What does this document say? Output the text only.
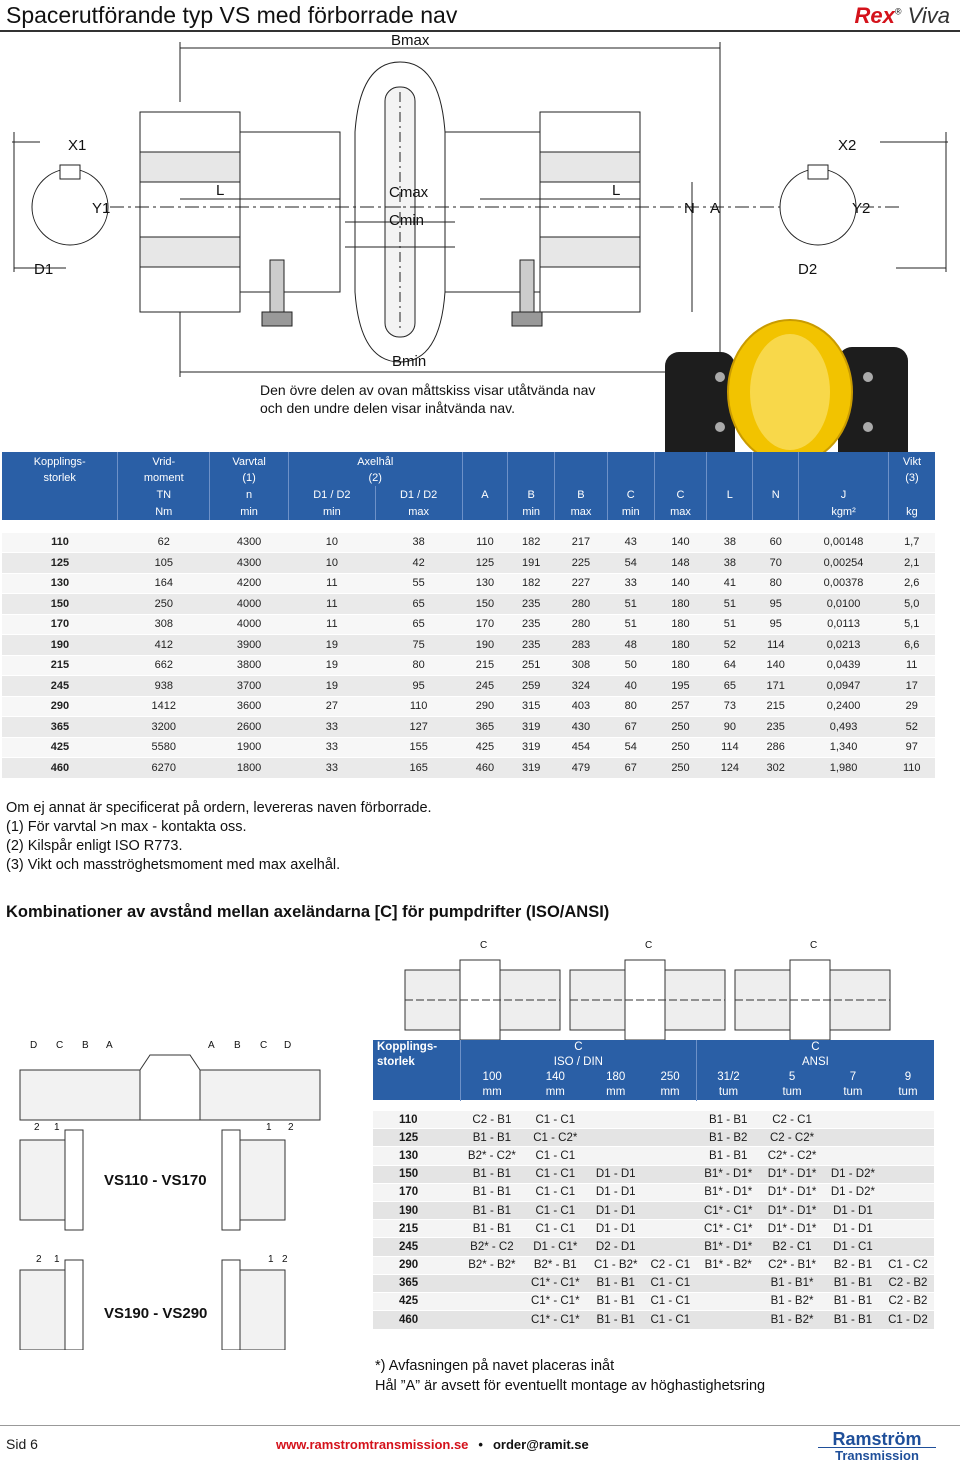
Spacerutförande typ VS med förborrade nav	Rex® Viva
Bmax
Bmin
X1	X2
Y1	Y2
D1	D2
L	L
Cmax
Cmin
N A
Den övre delen av ovan måttskiss visar utåtvända nav
och den undre delen visar inåtvända nav.
Kopplings-	Vrid-	Varvtal	Axelhål										Vikt
storlek	moment	(1)	(2)										(3)
	TN	n	D1 / D2	D1 / D2	A	B	B	C	C	L	N	J	
	Nm	min	min	max		min	max	min	max			kgm²	kg

110	62	4300	10	38	110	182	217	43	140	38	60	0,00148	1,7
125	105	4300	10	42	125	191	225	54	148	38	70	0,00254	2,1
130	164	4200	11	55	130	182	227	33	140	41	80	0,00378	2,6
150	250	4000	11	65	150	235	280	51	180	51	95	0,0100	5,0
170	308	4000	11	65	170	235	280	51	180	51	95	0,0113	5,1
190	412	3900	19	75	190	235	283	48	180	52	114	0,0213	6,6
215	662	3800	19	80	215	251	308	50	180	64	140	0,0439	11
245	938	3700	19	95	245	259	324	40	195	65	171	0,0947	17
290	1412	3600	27	110	290	315	403	80	257	73	215	0,2400	29
365	3200	2600	33	127	365	319	430	67	250	90	235	0,493	52
425	5580	1900	33	155	425	319	454	54	250	114	286	1,340	97
460	6270	1800	33	165	460	319	479	67	250	124	302	1,980	110
Om ej annat är specificerat på ordern, levereras naven förborrade.
(1) För varvtal >n max - kontakta oss.
(2) Kilspår enligt ISO R773.
(3) Vikt och masströghetsmoment med max axelhål.
Kombinationer av avstånd mellan axeländarna [C] för pumpdrifter (ISO/ANSI)
C	C	C
D C B A	A B C D
2 1	1 2
2 1	1 2
VS110 - VS170
VS190 - VS290
Kopplings-	C				C			
storlek	ISO / DIN				ANSI			
	100	140	180	250	31/2	5	7	9
	mm	mm	mm	mm	tum	tum	tum	tum

110	C2 - B1	C1 - C1			B1 - B1	C2 - C1		
125	B1 - B1	C1 - C2*			B1 - B2	C2 - C2*		
130	B2* - C2*	C1 - C1			B1 - B1	C2* - C2*		
150	B1 - B1	C1 - C1	D1 - D1		B1* - D1*	D1* - D1*	D1 - D2*	
170	B1 - B1	C1 - C1	D1 - D1		B1* - D1*	D1* - D1*	D1 - D2*	
190	B1 - B1	C1 - C1	D1 - D1		C1* - C1*	D1* - D1*	D1 - D1	
215	B1 - B1	C1 - C1	D1 - D1		C1* - C1*	D1* - D1*	D1 - D1	
245	B2* - C2	D1 - C1*	D2 - D1		B1* - D1*	B2 - C1	D1 - C1	
290	B2* - B2*	B2* - B1	C1 - B2*	C2 - C1	B1* - B2*	C2* - B1*	B2 - B1	C1 - C2
365		C1* - C1*	B1 - B1	C1 - C1		B1 - B1*	B1 - B1	C2 - B2
425		C1* - C1*	B1 - B1	C1 - C1		B1 - B2*	B1 - B1	C2 - B2
460		C1* - C1*	B1 - B1	C1 - C1		B1 - B2*	B1 - B1	C1 - D2
*) Avfasningen på navet placeras inåt
Hål ”A” är avsett för eventuellt montage av höghastighetsring
Sid 6	www.ramstromtransmission.se • order@ramit.se	Ramström
Transmission
